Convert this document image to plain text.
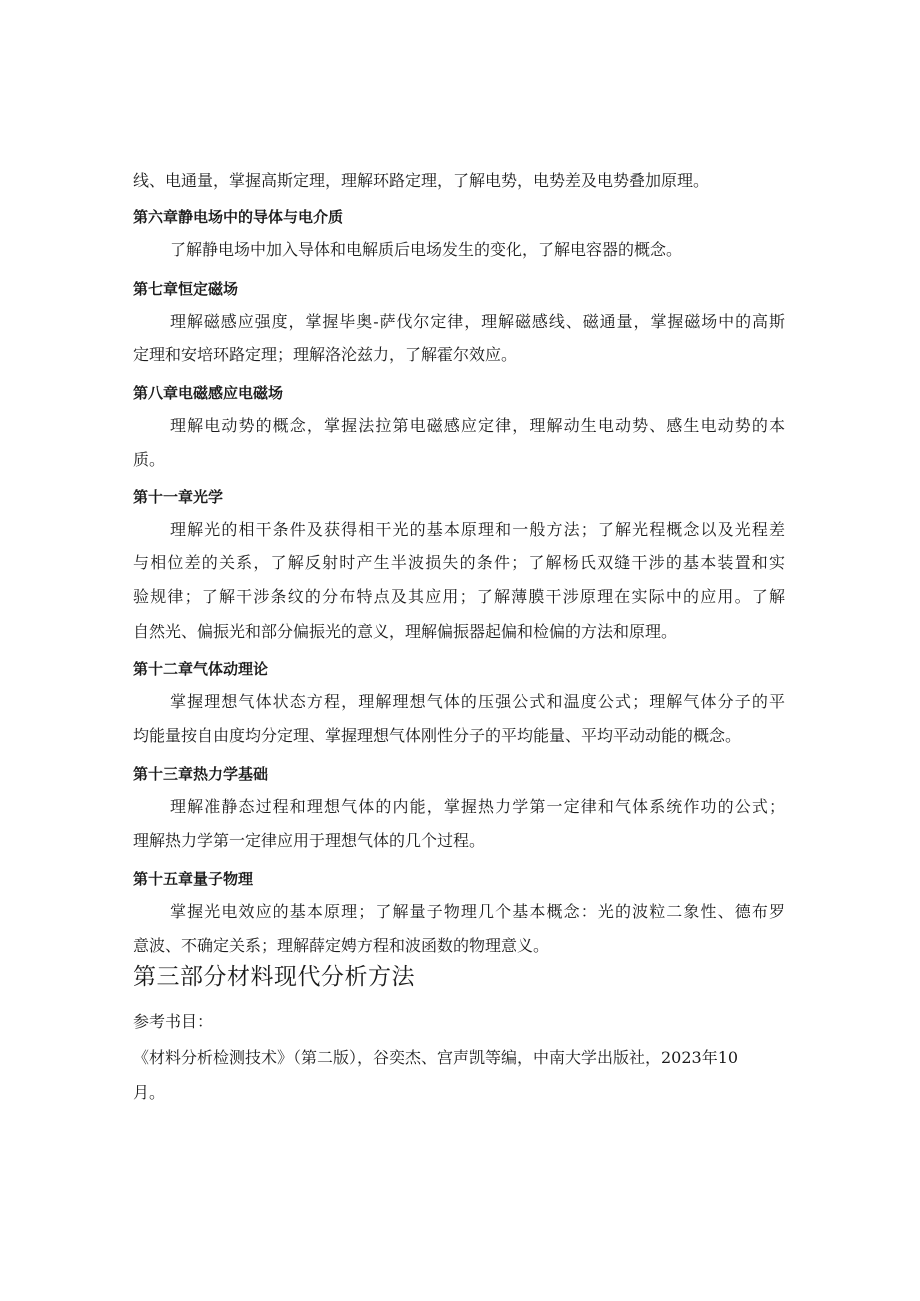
线、电通量，掌握高斯定理，理解环路定理，了解电势，电势差及电势叠加原理。
第六章静电场中的导体与电介质
了解静电场中加入导体和电解质后电场发生的变化，了解电容器的概念。
第七章恒定磁场
理解磁感应强度，掌握毕奥-萨伐尔定律，理解磁感线、磁通量，掌握磁场中的高斯
定理和安培环路定理；理解洛沦兹力，了解霍尔效应。
第八章电磁感应电磁场
理解电动势的概念，掌握法拉第电磁感应定律，理解动生电动势、感生电动势的本
质。
第十一章光学
理解光的相干条件及获得相干光的基本原理和一般方法；了解光程概念以及光程差
与相位差的关系，了解反射时产生半波损失的条件；了解杨氏双缝干涉的基本装置和实
验规律；了解干涉条纹的分布特点及其应用；了解薄膜干涉原理在实际中的应用。了解
自然光、偏振光和部分偏振光的意义，理解偏振器起偏和检偏的方法和原理。
第十二章气体动理论
掌握理想气体状态方程，理解理想气体的压强公式和温度公式；理解气体分子的平
均能量按自由度均分定理、掌握理想气体刚性分子的平均能量、平均平动动能的概念。
第十三章热力学基础
理解准静态过程和理想气体的内能，掌握热力学第一定律和气体系统作功的公式；
理解热力学第一定律应用于理想气体的几个过程。
第十五章量子物理
掌握光电效应的基本原理；了解量子物理几个基本概念：光的波粒二象性、德布罗
意波、不确定关系；理解薛定娉方程和波函数的物理意义。
第三部分材料现代分析方法
参考书目：
《材料分析检测技术》（第二版），谷奕杰、宫声凯等编，中南大学出版社，2023年10
月。
